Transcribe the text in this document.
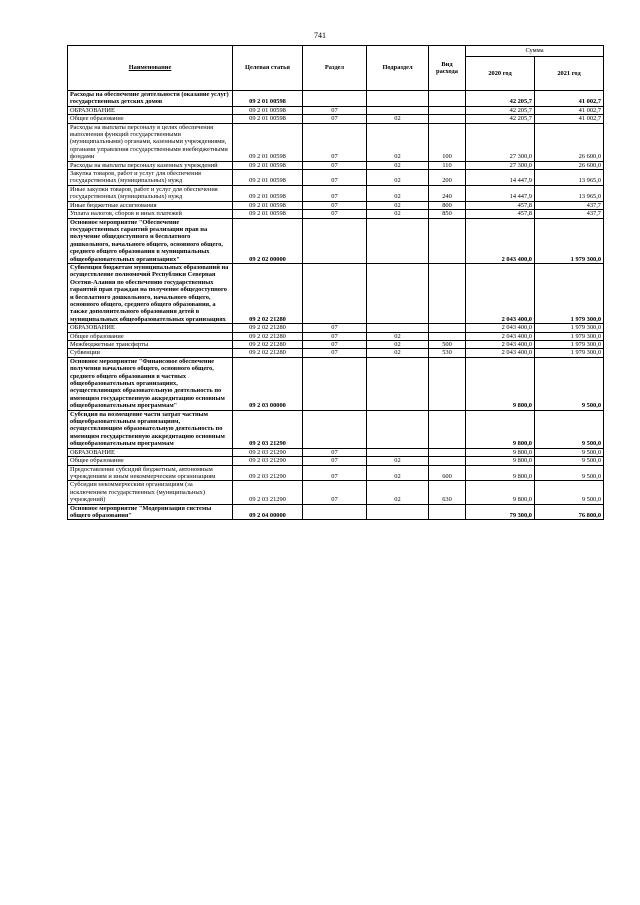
741
Наименование	Целевая статья	Раздел	Подраздел	Вид расхода	Сумма	
					2020 год	2021 год
Расходы на обеспечение деятельности (оказание услуг) государственных детских домов	09 2 01 00598				42 205,7	41 002,7
ОБРАЗОВАНИЕ	09 2 01 00598	07			42 205,7	41 002,7
Общее образование	09 2 01 00598	07	02		42 205,7	41 002,7
Расходы на выплаты персоналу в целях обеспечения выполнения функций государственными (муниципальными) органами, казенными учреждениями, органами управления государственными внебюджетными фондами	09 2 01 00598	07	02	100	27 300,0	26 600,0
Расходы на выплаты персоналу казенных учреждений	09 2 01 00598	07	02	110	27 300,0	26 600,0
Закупка товаров, работ и услуг для обеспечения государственных (муниципальных) нужд	09 2 01 00598	07	02	200	14 447,9	13 965,0
Иные закупки товаров, работ и услуг для обеспечения государственных (муниципальных) нужд	09 2 01 00598	07	02	240	14 447,9	13 965,0
Иные бюджетные ассигнования	09 2 01 00598	07	02	800	457,8	437,7
Уплата налогов, сборов и иных платежей	09 2 01 00598	07	02	850	457,8	437,7
Основное мероприятие "Обеспечение государственных гарантий реализации прав на получение общедоступного и бесплатного дошкольного, начального общего, основного общего, среднего общего образования в муниципальных общеобразовательных организациях"	09 2 02 00000				2 043 400,0	1 979 300,0
Субвенция бюджетам муниципальных образований на осуществление полномочий Республики Северная Осетия-Алания по обеспечению государственных гарантий прав граждан на получение общедоступного и бесплатного дошкольного, начального общего, основного общего, среднего общего образования, а также дополнительного образования детей в муниципальных общеобразовательных организациях	09 2 02 21280				2 043 400,0	1 979 300,0
ОБРАЗОВАНИЕ	09 2 02 21280	07			2 043 400,0	1 979 300,0
Общее образование	09 2 02 21280	07	02		2 043 400,0	1 979 300,0
Межбюджетные трансферты	09 2 02 21280	07	02	500	2 043 400,0	1 979 300,0
Субвенции	09 2 02 21280	07	02	530	2 043 400,0	1 979 300,0
Основное мероприятие "Финансовое обеспечение получения начального общего, основного общего, среднего общего образования в частных общеобразовательных организациях, осуществляющих образовательную деятельность по имеющим государственную аккредитацию основным общеобразовательным программам"	09 2 03 00000				9 800,0	9 500,0
Субсидия на возмещение части затрат частным общеобразовательным организациям, осуществляющим образовательную деятельность по имеющим государственную аккредитацию основным общеобразовательным программам	09 2 03 21290				9 800,0	9 500,0
ОБРАЗОВАНИЕ	09 2 03 21290	07			9 800,0	9 500,0
Общее образование	09 2 03 21290	07	02		9 800,0	9 500,0
Предоставление субсидий бюджетным, автономным учреждениям и иным некоммерческим организациям	09 2 03 21290	07	02	600	9 800,0	9 500,0
Субсидии некоммерческим организациям (за исключением государственных (муниципальных) учреждений)	09 2 03 21290	07	02	630	9 800,0	9 500,0
Основное мероприятие "Модернизация системы общего образования"	09 2 04 00000				79 300,0	76 800,0
